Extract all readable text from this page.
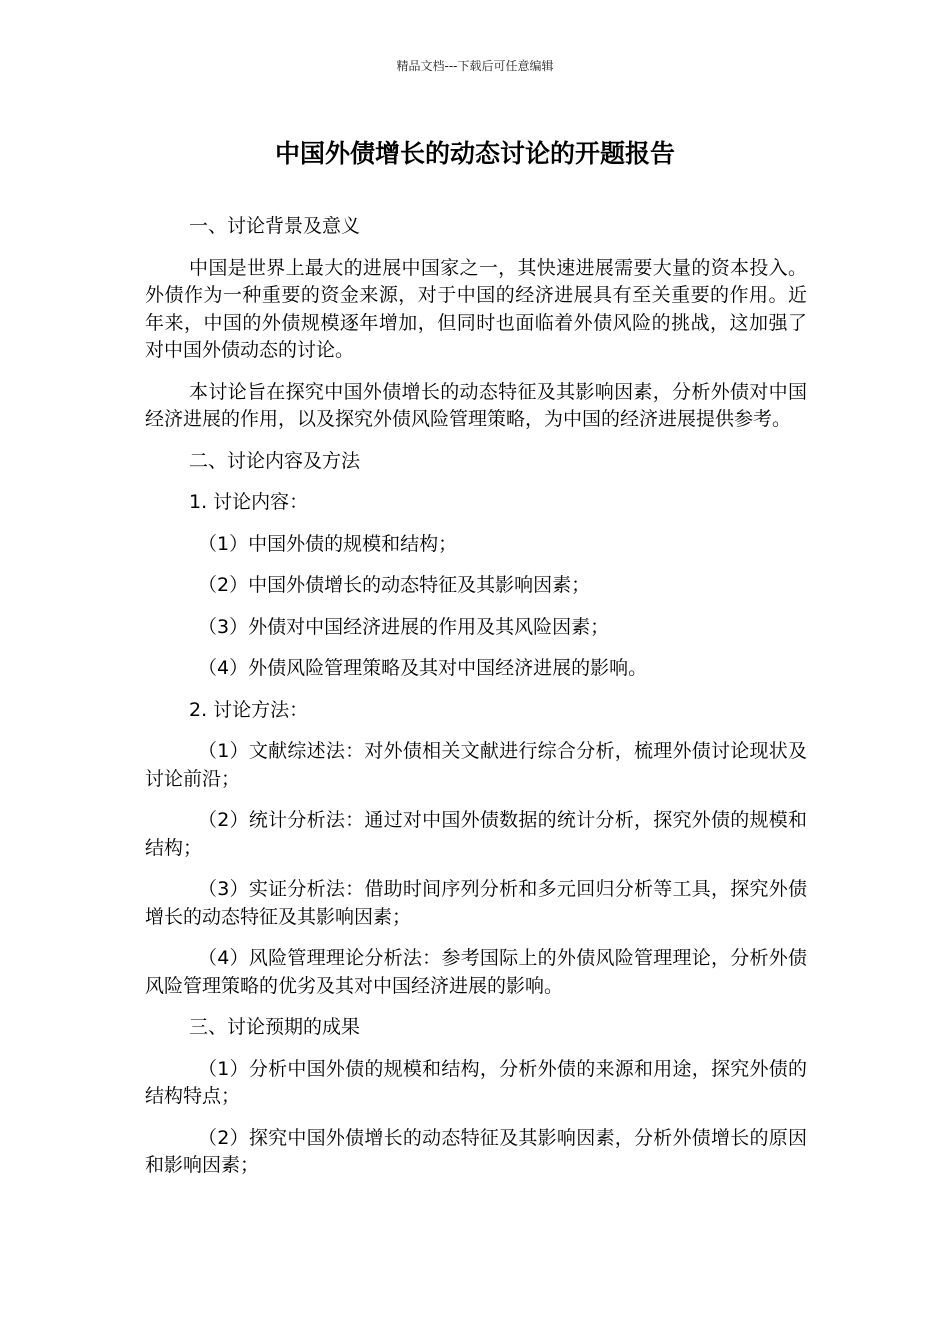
精品文档---下载后可任意编辑
中国外债增长的动态讨论的开题报告

一、讨论背景及意义

中国是世界上最大的进展中国家之一，其快速进展需要大量的资本投入。外债作为一种重要的资金来源，对于中国的经济进展具有至关重要的作用。近年来，中国的外债规模逐年增加，但同时也面临着外债风险的挑战，这加强了对中国外债动态的讨论。

本讨论旨在探究中国外债增长的动态特征及其影响因素，分析外债对中国经济进展的作用，以及探究外债风险管理策略，为中国的经济进展提供参考。

二、讨论内容及方法

1. 讨论内容：

（1）中国外债的规模和结构；

（2）中国外债增长的动态特征及其影响因素；

（3）外债对中国经济进展的作用及其风险因素；

（4）外债风险管理策略及其对中国经济进展的影响。

2. 讨论方法：

（1）文献综述法：对外债相关文献进行综合分析，梳理外债讨论现状及讨论前沿；

（2）统计分析法：通过对中国外债数据的统计分析，探究外债的规模和结构；

（3）实证分析法：借助时间序列分析和多元回归分析等工具，探究外债增长的动态特征及其影响因素；

（4）风险管理理论分析法：参考国际上的外债风险管理理论，分析外债风险管理策略的优劣及其对中国经济进展的影响。

三、讨论预期的成果

（1）分析中国外债的规模和结构，分析外债的来源和用途，探究外债的结构特点；

（2）探究中国外债增长的动态特征及其影响因素，分析外债增长的原因和影响因素；
